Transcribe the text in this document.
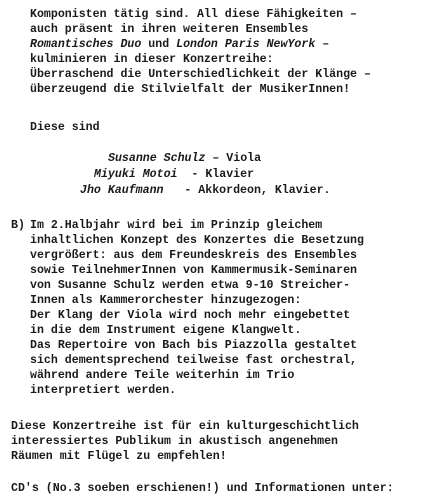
Komponisten tätig sind. All diese Fähigkeiten –
auch präsent in ihren weiteren Ensembles
Romantisches Duo und London Paris NewYork –
kulminieren in dieser Konzertreihe:
Überraschend die Unterschiedlichkeit der Klänge –
überzeugend die Stilvielfalt der MusikerInnen!
Diese sind
Susanne Schulz – Viola
Miyuki Motoi  - Klavier
Jho Kaufmann   - Akkordeon, Klavier.
B) Im 2.Halbjahr wird bei im Prinzip gleichem
inhaltlichen Konzept des Konzertes die Besetzung
vergrößert: aus dem Freundeskreis des Ensembles
sowie TeilnehmerInnen von Kammermusik-Seminaren
von Susanne Schulz werden etwa 9-10 Streicher-
Innen als Kammerorchester hinzugezogen:
Der Klang der Viola wird noch mehr eingebettet
in die dem Instrument eigene Klangwelt.
Das Repertoire von Bach bis Piazzolla gestaltet
sich dementsprechend teilweise fast orchestral,
während andere Teile weiterhin im Trio
interpretiert werden.
Diese Konzertreihe ist für ein kulturgeschichtlich
interessiertes Publikum in akustisch angenehmen
Räumen mit Flügel zu empfehlen!
CD's (No.3 soeben erschienen!) und Informationen unter:
